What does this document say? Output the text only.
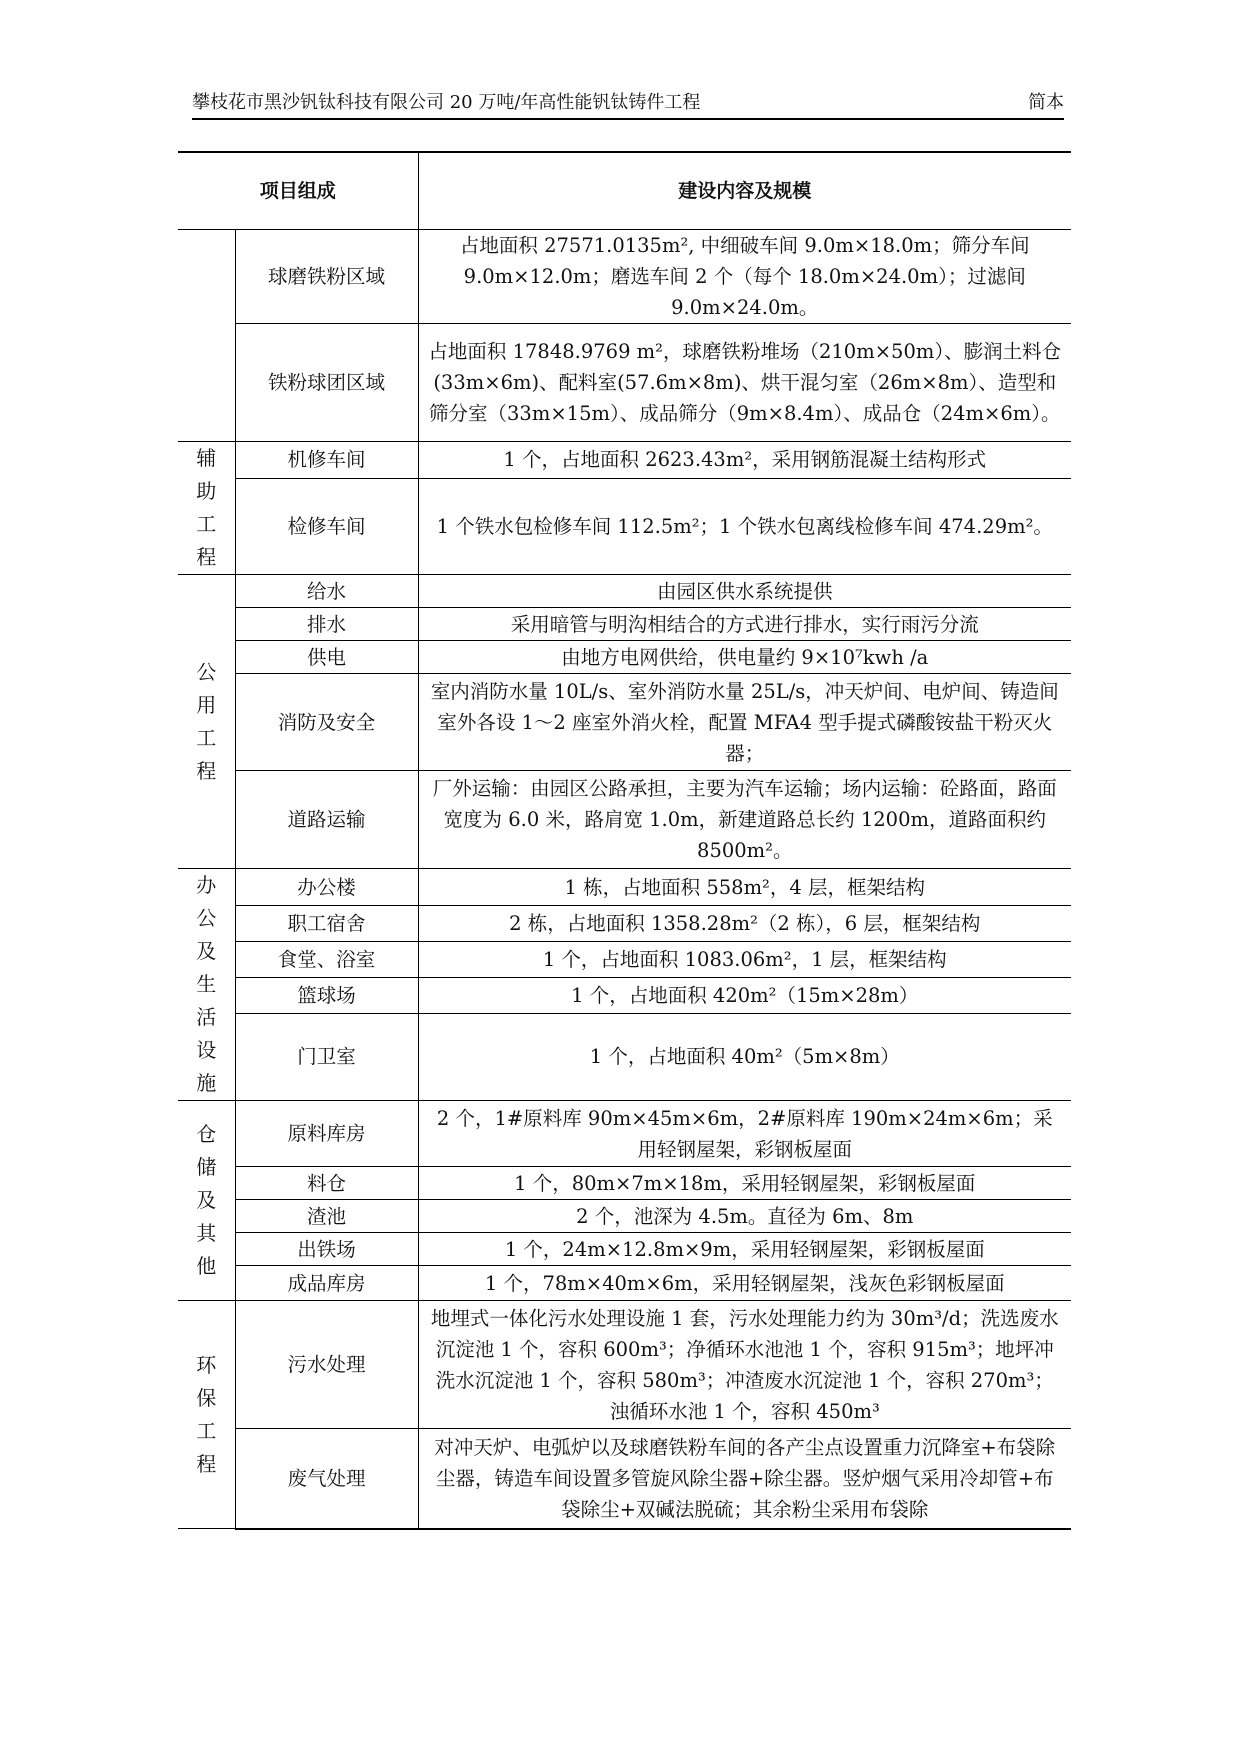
攀枝花市黑沙钒钛科技有限公司 20 万吨/年高性能钒钛铸件工程	简本
项目组成		建设内容及规模
	球磨铁粉区域	占地面积 27571.0135m², 中细破车间 9.0m×18.0m；筛分车间 9.0m×12.0m；磨选车间 2 个（每个 18.0m×24.0m）；过滤间 9.0m×24.0m。
	铁粉球团区域	占地面积 17848.9769 m²，球磨铁粉堆场（210m×50m）、膨润土料仓(33m×6m)、配料室(57.6m×8m)、烘干混匀室（26m×8m）、造型和筛分室（33m×15m）、成品筛分（9m×8.4m）、成品仓（24m×6m）。
辅助工程	机修车间	1 个，占地面积 2623.43m²，采用钢筋混凝土结构形式
	检修车间	1 个铁水包检修车间 112.5m²；1 个铁水包离线检修车间 474.29m²。
公用工程	给水	由园区供水系统提供
	排水	采用暗管与明沟相结合的方式进行排水，实行雨污分流
	供电	由地方电网供给，供电量约 9×10⁷kwh /a
	消防及安全	室内消防水量 10L/s、室外消防水量 25L/s，冲天炉间、电炉间、铸造间室外各设 1～2 座室外消火栓，配置 MFA4 型手提式磷酸铵盐干粉灭火器；
	道路运输	厂外运输：由园区公路承担，主要为汽车运输；场内运输：砼路面，路面宽度为 6.0 米，路肩宽 1.0m，新建道路总长约 1200m，道路面积约 8500m²。
办公及生活设施	办公楼	1 栋，占地面积 558m²，4 层，框架结构
	职工宿舍	2 栋，占地面积 1358.28m²（2 栋），6 层，框架结构
	食堂、浴室	1 个，占地面积 1083.06m²，1 层，框架结构
	篮球场	1 个，占地面积 420m²（15m×28m）
	门卫室	1 个，占地面积 40m²（5m×8m）
仓储及其他	原料库房	2 个，1#原料库 90m×45m×6m，2#原料库 190m×24m×6m；采用轻钢屋架，彩钢板屋面
	料仓	1 个，80m×7m×18m，采用轻钢屋架，彩钢板屋面
	渣池	2 个，池深为 4.5m。直径为 6m、8m
	出铁场	1 个，24m×12.8m×9m，采用轻钢屋架，彩钢板屋面
	成品库房	1 个，78m×40m×6m，采用轻钢屋架，浅灰色彩钢板屋面
环保工程	污水处理	地埋式一体化污水处理设施 1 套，污水处理能力约为 30m³/d；洗选废水沉淀池 1 个，容积 600m³；净循环水池池 1 个，容积 915m³；地坪冲洗水沉淀池 1 个，容积 580m³；冲渣废水沉淀池 1 个，容积 270m³；浊循环水池 1 个，容积 450m³
	废气处理	对冲天炉、电弧炉以及球磨铁粉车间的各产尘点设置重力沉降室+布袋除尘器，铸造车间设置多管旋风除尘器+除尘器。竖炉烟气采用冷却管+布袋除尘+双碱法脱硫；其余粉尘采用布袋除
